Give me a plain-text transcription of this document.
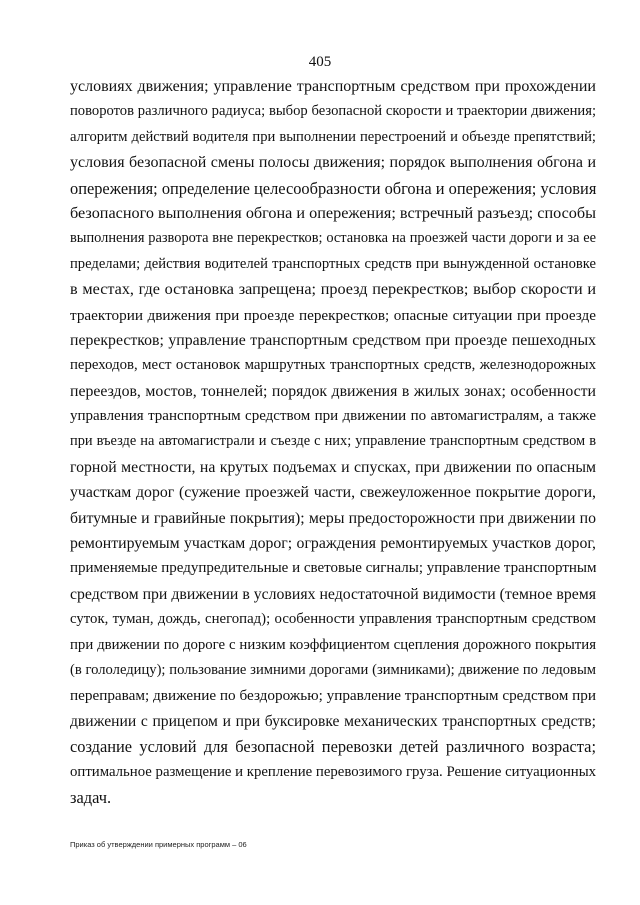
405
условиях движения; управление транспортным средством при прохождении
поворотов различного радиуса; выбор безопасной скорости и траектории движения;
алгоритм действий водителя при выполнении перестроений и объезде препятствий;
условия безопасной смены полосы движения; порядок выполнения обгона и
опережения; определение целесообразности обгона и опережения; условия
безопасного выполнения обгона и опережения; встречный разъезд; способы
выполнения разворота вне перекрестков; остановка на проезжей части дороги и за ее
пределами; действия водителей транспортных средств при вынужденной остановке
в местах, где остановка запрещена; проезд перекрестков; выбор скорости и
траектории движения при проезде перекрестков; опасные ситуации при проезде
перекрестков; управление транспортным средством при проезде пешеходных
переходов, мест остановок маршрутных транспортных средств, железнодорожных
переездов, мостов, тоннелей; порядок движения в жилых зонах; особенности
управления транспортным средством при движении по автомагистралям, а также
при въезде на автомагистрали и съезде с них; управление транспортным средством в
горной местности, на крутых подъемах и спусках, при движении по опасным
участкам дорог (сужение проезжей части, свежеуложенное покрытие дороги,
битумные и гравийные покрытия); меры предосторожности при движении по
ремонтируемым участкам дорог; ограждения ремонтируемых участков дорог,
применяемые предупредительные и световые сигналы; управление транспортным
средством при движении в условиях недостаточной видимости (темное время
суток, туман, дождь, снегопад); особенности управления транспортным средством
при движении по дороге с низким коэффициентом сцепления дорожного покрытия
(в гололедицу); пользование зимними дорогами (зимниками); движение по ледовым
переправам; движение по бездорожью; управление транспортным средством при
движении с прицепом и при буксировке механических транспортных средств;
создание условий для безопасной перевозки детей различного возраста;
оптимальное размещение и крепление перевозимого груза. Решение ситуационных
задач.
Приказ об утверждении примерных программ – 06
